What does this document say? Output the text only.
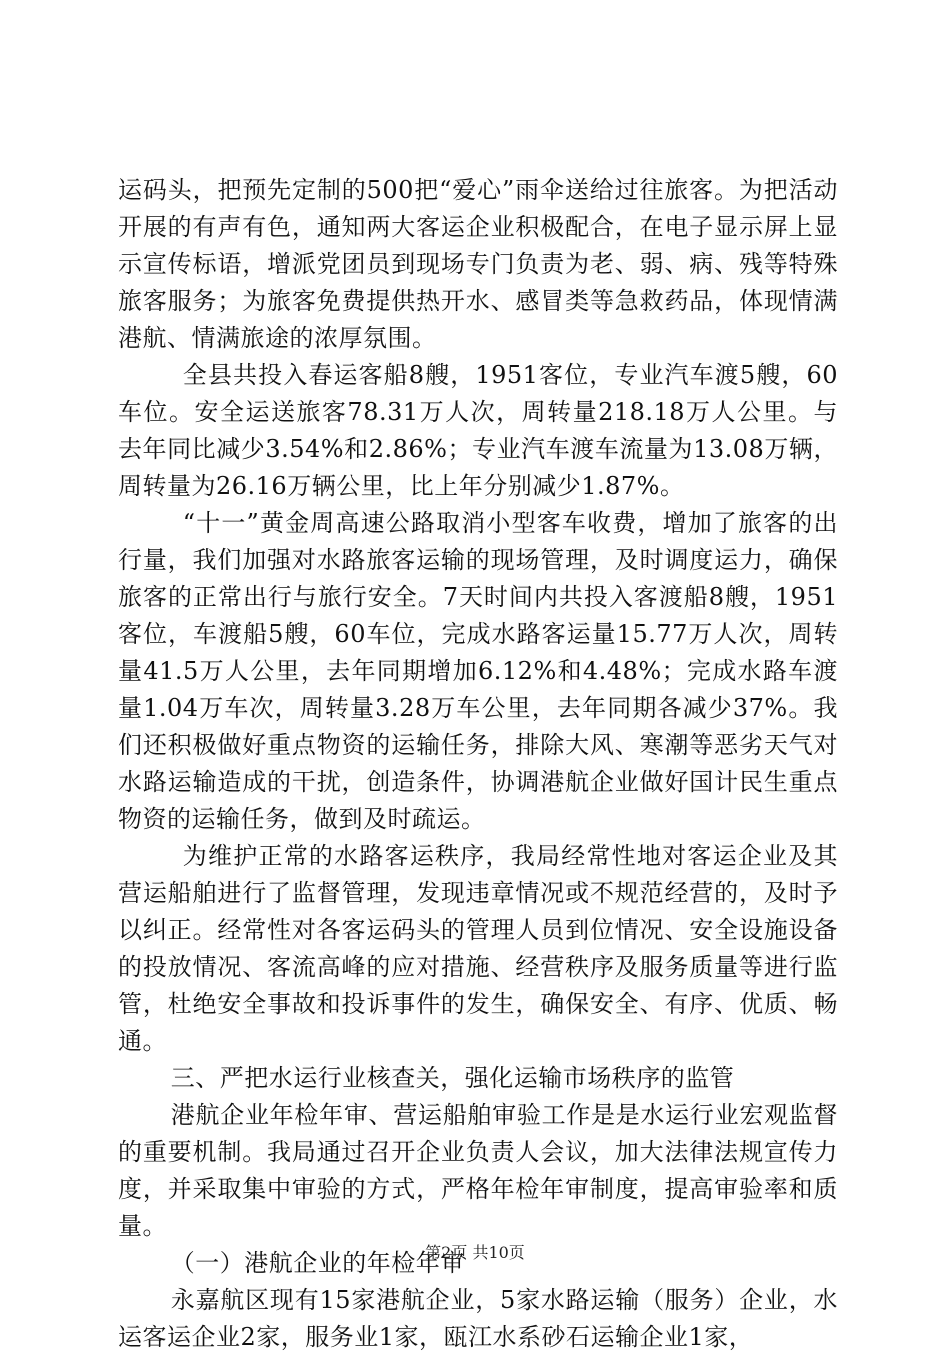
运码头，把预先定制的500把“爱心”雨伞送给过往旅客。为把活动开展的有声有色，通知两大客运企业积极配合，在电子显示屏上显示宣传标语，增派党团员到现场专门负责为老、弱、病、残等特殊旅客服务；为旅客免费提供热开水、感冒类等急救药品，体现情满港航、情满旅途的浓厚氛围。

全县共投入春运客船8艘，1951客位，专业汽车渡5艘，60车位。安全运送旅客78.31万人次，周转量218.18万人公里。与去年同比减少3.54%和2.86%；专业汽车渡车流量为13.08万辆，周转量为26.16万辆公里，比上年分别减少1.87%。

“十一”黄金周高速公路取消小型客车收费，增加了旅客的出行量，我们加强对水路旅客运输的现场管理，及时调度运力，确保旅客的正常出行与旅行安全。7天时间内共投入客渡船8艘，1951客位，车渡船5艘，60车位，完成水路客运量15.77万人次，周转量41.5万人公里，去年同期增加6.12%和4.48%；完成水路车渡量1.04万车次，周转量3.28万车公里，去年同期各减少37%。我们还积极做好重点物资的运输任务，排除大风、寒潮等恶劣天气对水路运输造成的干扰，创造条件，协调港航企业做好国计民生重点物资的运输任务，做到及时疏运。

为维护正常的水路客运秩序，我局经常性地对客运企业及其营运船舶进行了监督管理，发现违章情况或不规范经营的，及时予以纠正。经常性对各客运码头的管理人员到位情况、安全设施设备的投放情况、客流高峰的应对措施、经营秩序及服务质量等进行监管，杜绝安全事故和投诉事件的发生，确保安全、有序、优质、畅通。

三、严把水运行业核查关，强化运输市场秩序的监管

港航企业年检年审、营运船舶审验工作是是水运行业宏观监督的重要机制。我局通过召开企业负责人会议，加大法律法规宣传力度，并采取集中审验的方式，严格年检年审制度，提高审验率和质量。

（一）港航企业的年检年审

永嘉航区现有15家港航企业，5家水路运输（服务）企业，水运客运企业2家，服务业1家，瓯江水系砂石运输企业1家，

第2页 共10页
